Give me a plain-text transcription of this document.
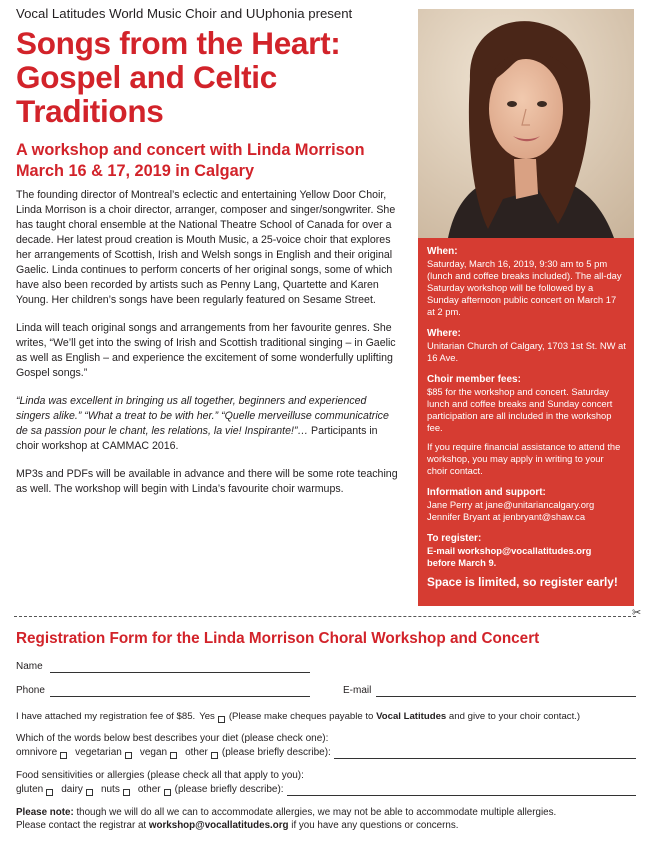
Vocal Latitudes World Music Choir and UUphonia present
Songs from the Heart:
Gospel and Celtic
Traditions
A workshop and concert with Linda Morrison
March 16 & 17, 2019 in Calgary

The founding director of Montreal’s eclectic and entertaining Yellow Door Choir, Linda Morrison is a choir director, arranger, composer and singer/songwriter. She has taught choral ensemble at the National Theatre School of Canada for over a decade. Her latest proud creation is Mouth Music, a 25-voice choir that explores her arrangements of Scottish, Irish and Welsh songs in English and their original Gaelic. Linda continues to perform concerts of her original songs, some of which have also been recorded by artists such as Penny Lang, Quartette and Karen Young. Her children’s songs have been regularly featured on Sesame Street.

Linda will teach original songs and arrangements from her favourite genres. She writes, “We’ll get into the swing of Irish and Scottish traditional singing – in Gaelic as well as English – and experience the excitement of some wonderfully uplifting Gospel songs.”

“Linda was excellent in bringing us all together, beginners and experienced singers alike.” “What a treat to be with her.” “Quelle merveilluse communicatrice de sa passion pour le chant, les relations, la vie! Inspirante!”… Participants in choir workshop at CAMMAC 2016.

MP3s and PDFs will be available in advance and there will be some rote teaching as well. The workshop will begin with Linda’s favourite choir warmups.

When:
Saturday, March 16, 2019, 9:30 am to 5 pm (lunch and coffee breaks included). The all-day Saturday workshop will be followed by a Sunday afternoon public concert on March 17 at 2 pm.
Where:
Unitarian Church of Calgary, 1703 1st St. NW at 16 Ave.
Choir member fees:
$85 for the workshop and concert. Saturday lunch and coffee breaks and Sunday concert participation are all included in the workshop fee.
If you require financial assistance to attend the workshop, you may apply in writing to your choir contact.
Information and support:
Jane Perry at jane@unitariancalgary.org
Jennifer Bryant at jenbryant@shaw.ca
To register:
E-mail workshop@vocallatitudes.org
before March 9.
Space is limited, so register early!
✂
Registration Form for the Linda Morrison Choral Workshop and Concert
Name
Phone	E-mail
I have attached my registration fee of $85. Yes (Please make cheques payable to Vocal Latitudes and give to your choir contact.)
Which of the words below best describes your diet (please check one):
omnivore vegetarian vegan other (please briefly describe):
Food sensitivities or allergies (please check all that apply to you):
gluten dairy nuts other (please briefly describe):
Please note: though we will do all we can to accommodate allergies, we may not be able to accommodate multiple allergies.
Please contact the registrar at workshop@vocallatitudes.org if you have any questions or concerns.
